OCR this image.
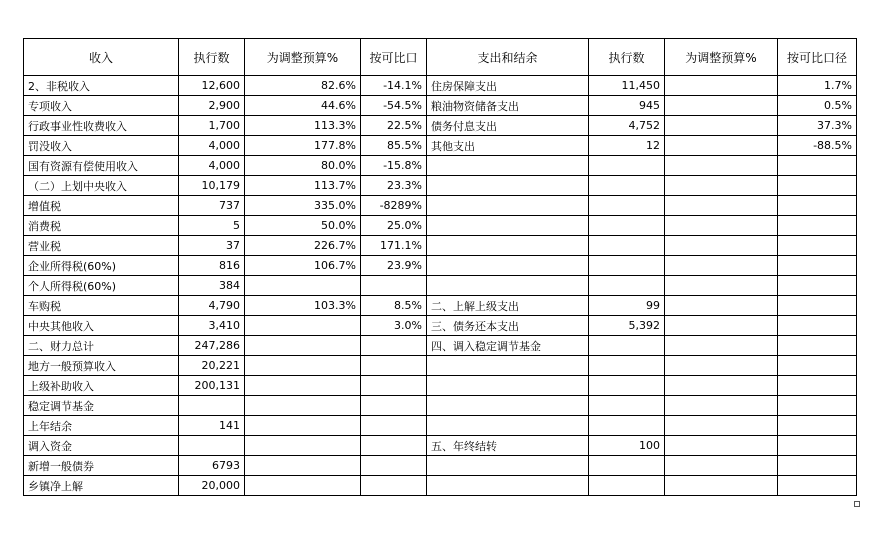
收入	执行数	为调整预算%	按可比口	支出和结余	执行数	为调整预算%	按可比口径
2、非税收入	12,600	82.6%	-14.1%	住房保障支出	11,450		1.7%
专项收入	2,900	44.6%	-54.5%	粮油物资储备支出	945		0.5%
行政事业性收费收入	1,700	113.3%	22.5%	债务付息支出	4,752		37.3%
罚没收入	4,000	177.8%	85.5%	其他支出	12		-88.5%
国有资源有偿使用收入	4,000	80.0%	-15.8%				
（二）上划中央收入	10,179	113.7%	23.3%				
增值税	737	335.0%	-8289%				
消费税	5	50.0%	25.0%				
营业税	37	226.7%	171.1%				
企业所得税(60%)	816	106.7%	23.9%				
个人所得税(60%)	384						
车购税	4,790	103.3%	8.5%	二、上解上级支出	99		
中央其他收入	3,410		3.0%	三、债务还本支出	5,392		
二、财力总计	247,286			四、调入稳定调节基金			
地方一般预算收入	20,221						
上级补助收入	200,131						
稳定调节基金							
上年结余	141						
调入资金				五、年终结转	100		
新增一般债券	6793						
乡镇净上解	20,000						
